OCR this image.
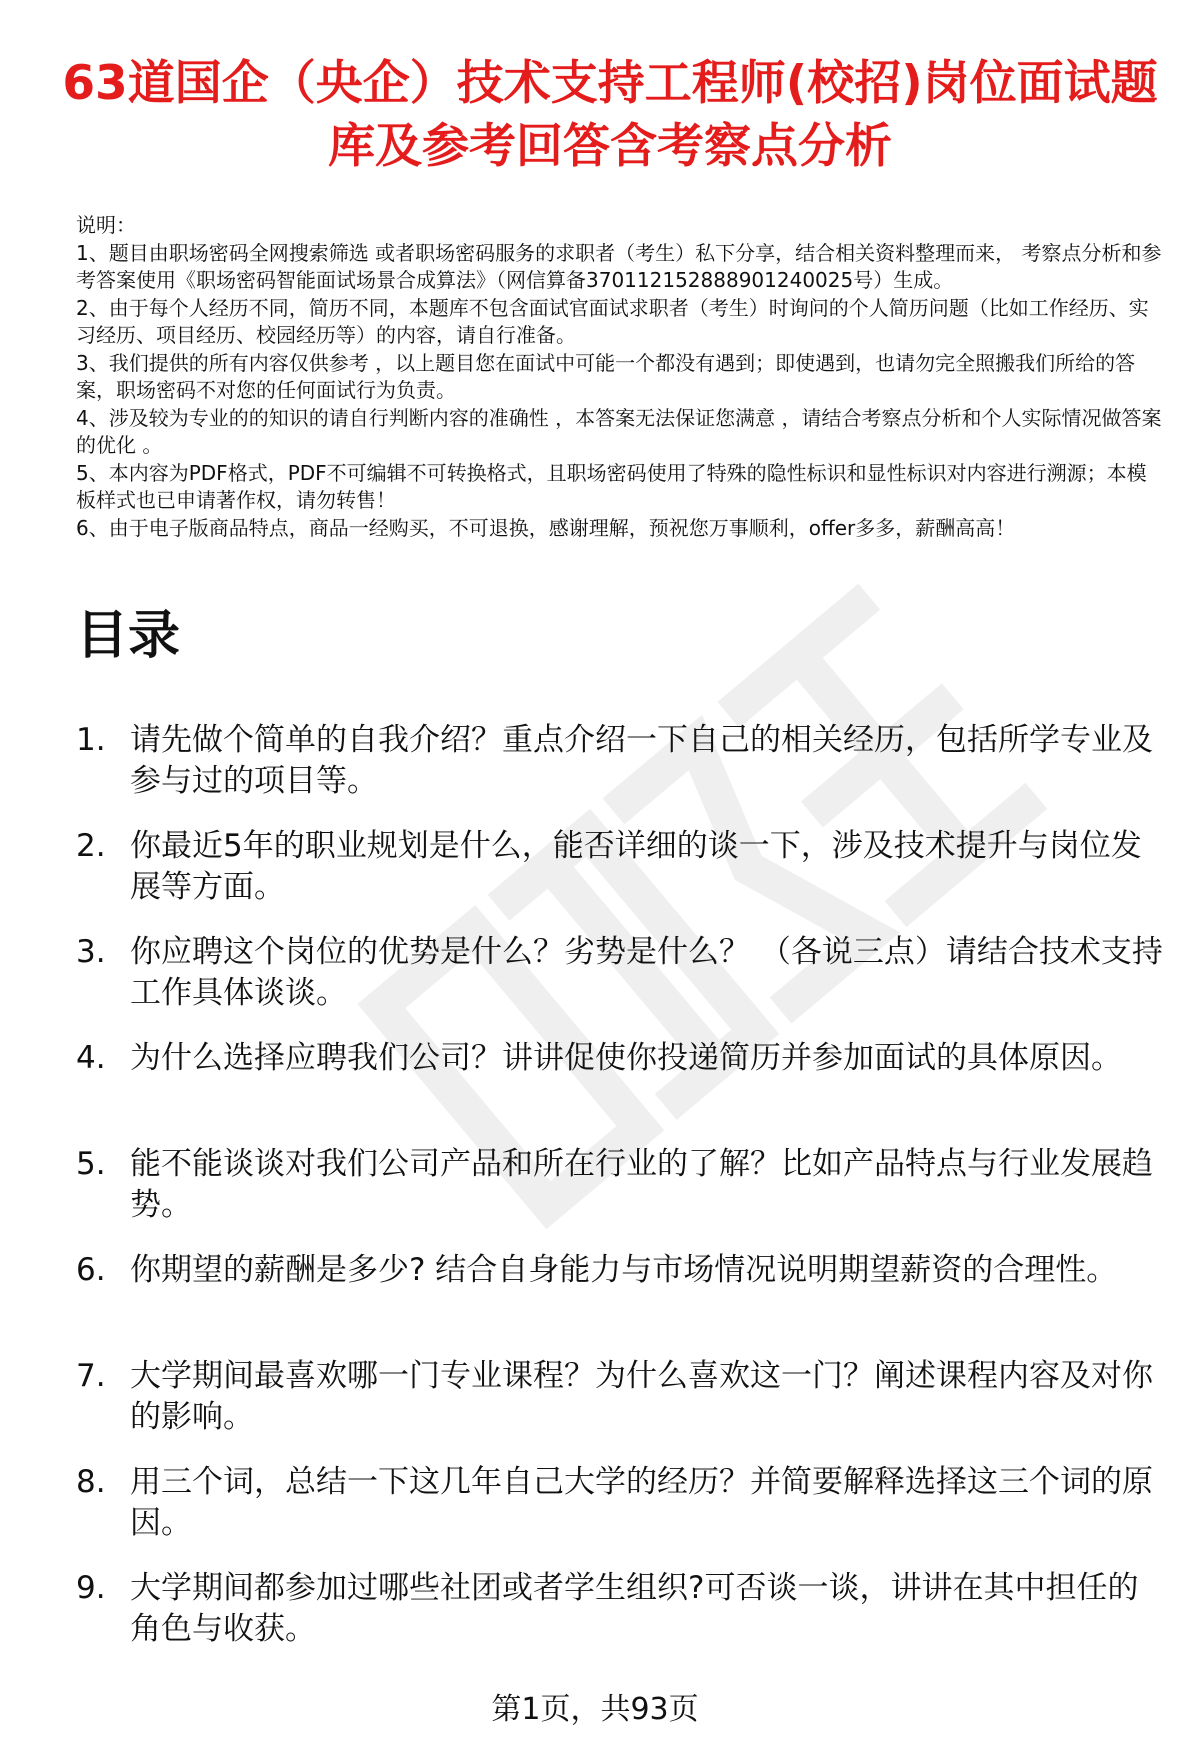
63道国企（央企）技术支持工程师(校招)岗位面试题库及参考回答含考察点分析

说明：

1、题目由职场密码全网搜索筛选 或者职场密码服务的求职者（考生）私下分享，结合相关资料整理而来， 考察点分析和参考答案使用《职场密码智能面试场景合成算法》（网信算备370112152888901240025号）生成。

2、由于每个人经历不同，简历不同，本题库不包含面试官面试求职者（考生）时询问的个人简历问题（比如工作经历、实习经历、项目经历、校园经历等）的内容，请自行准备。

3、我们提供的所有内容仅供参考 ，以上题目您在面试中可能一个都没有遇到；即使遇到，也请勿完全照搬我们所给的答案，职场密码不对您的任何面试行为负责。

4、涉及较为专业的的知识的请自行判断内容的准确性 ，本答案无法保证您满意 ，请结合考察点分析和个人实际情况做答案的优化 。

5、本内容为PDF格式，PDF不可编辑不可转换格式，且职场密码使用了特殊的隐性标识和显性标识对内容进行溯源；本模板样式也已申请著作权，请勿转售！

6、由于电子版商品特点，商品一经购买，不可退换，感谢理解，预祝您万事顺利，offer多多，薪酬高高！

目录
1. 请先做个简单的自我介绍？重点介绍一下自己的相关经历，包括所学专业及参与过的项目等。
2. 你最近5年的职业规划是什么，能否详细的谈一下，涉及技术提升与岗位发展等方面。
3. 你应聘这个岗位的优势是什么？劣势是什么？ （各说三点）请结合技术支持工作具体谈谈。
4. 为什么选择应聘我们公司？讲讲促使你投递简历并参加面试的具体原因。
5. 能不能谈谈对我们公司产品和所在行业的了解？比如产品特点与行业发展趋势。
6. 你期望的薪酬是多少? 结合自身能力与市场情况说明期望薪资的合理性。
7. 大学期间最喜欢哪一门专业课程？为什么喜欢这一门？阐述课程内容及对你的影响。
8. 用三个词，总结一下这几年自己大学的经历？并简要解释选择这三个词的原因。
9. 大学期间都参加过哪些社团或者学生组织?可否谈一谈，讲讲在其中担任的角色与收获。
第1页，共93页
